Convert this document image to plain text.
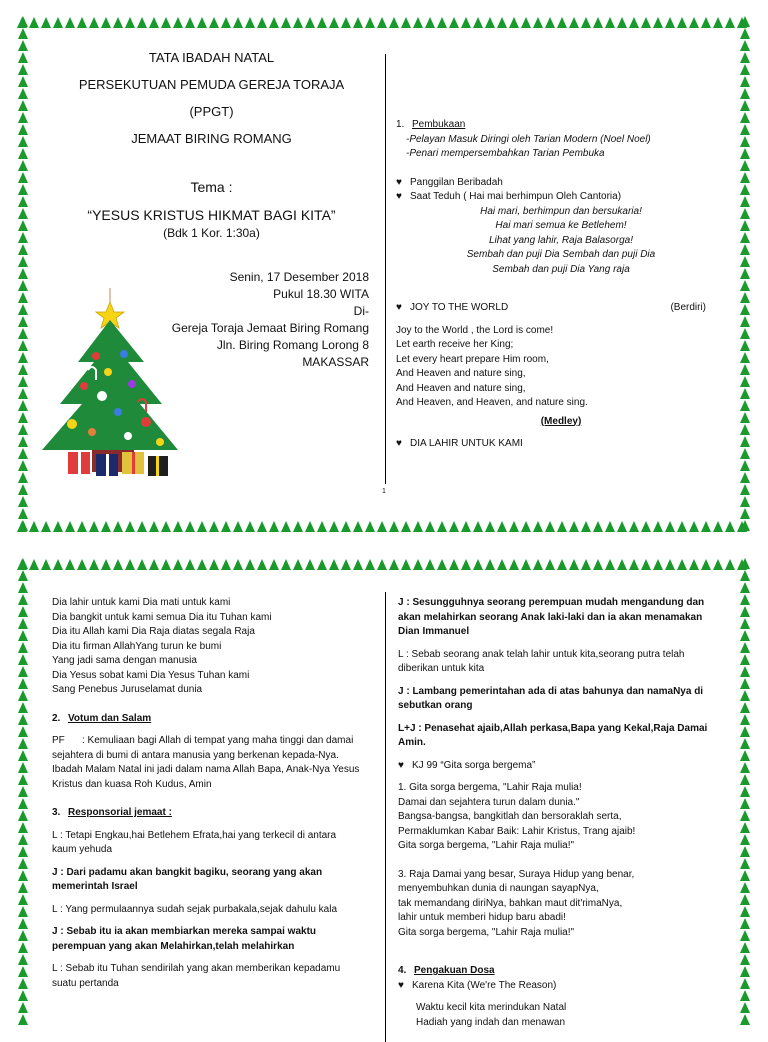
TATA IBADAH NATAL

PERSEKUTUAN PEMUDA GEREJA TORAJA

(PPGT)

JEMAAT BIRING ROMANG

Tema :

“YESUS KRISTUS HIKMAT BAGI KITA”

(Bdk 1 Kor. 1:30a)

Senin, 17 Desember 2018

Pukul 18.30 WITA

Di-

Gereja Toraja Jemaat Biring Romang

Jln. Biring Romang Lorong 8

MAKASSAR

1. Pembukaan

-Pelayan Masuk Diringi oleh Tarian Modern (Noel Noel)

-Penari mempersembahkan Tarian Pembuka

♥ Panggilan Beribadah

♥ Saat Teduh ( Hai mai berhimpun Oleh Cantoria)

Hai mari, berhimpun dan bersukaria!

Hai mari semua ke Betlehem!

Lihat yang lahir, Raja Balasorga!

Sembah dan puji Dia Sembah dan puji Dia

Sembah dan puji Dia Yang raja

♥ JOY TO THE WORLD	(Berdiri)

Joy to the World , the Lord is come!

Let earth receive her King;

Let every heart prepare Him room,

And Heaven and nature sing,

And Heaven and nature sing,

And Heaven, and Heaven, and nature sing.

(Medley)

♥ DIA LAHIR UNTUK KAMI

1

Dia lahir untuk kami Dia mati untuk kami

Dia bangkit untuk kami semua Dia itu Tuhan kami

Dia itu Allah kami Dia Raja diatas segala Raja

Dia itu firman AllahYang turun ke bumi

Yang jadi sama dengan manusia

Dia Yesus sobat kami Dia Yesus Tuhan kami

Sang Penebus Juruselamat dunia

2. Votum dan Salam

PF : Kemuliaan bagi Allah di tempat yang maha tinggi dan damai sejahtera di bumi di antara manusia yang berkenan kepada-Nya. Ibadah Malam Natal ini jadi dalam nama Allah Bapa, Anak-Nya Yesus Kristus dan kuasa Roh Kudus, Amin

3. Responsorial jemaat :

L : Tetapi Engkau,hai Betlehem Efrata,hai yang terkecil di antara kaum yehuda

J : Dari padamu akan bangkit bagiku, seorang yang akan memerintah Israel

L : Yang permulaannya sudah sejak purbakala,sejak dahulu kala

J : Sebab itu ia akan membiarkan mereka sampai waktu perempuan yang akan Melahirkan,telah melahirkan

L : Sebab itu Tuhan sendirilah yang akan memberikan kepadamu suatu pertanda

J : Sesungguhnya seorang perempuan mudah mengandung dan akan melahirkan seorang Anak laki-laki dan ia akan menamakan Dian Immanuel

L : Sebab seorang anak telah lahir untuk kita,seorang putra telah diberikan untuk kita

J : Lambang pemerintahan ada di atas bahunya dan namaNya di sebutkan orang

L+J : Penasehat ajaib,Allah perkasa,Bapa yang Kekal,Raja Damai Amin.

♥ KJ 99 “Gita sorga bergema”

1. Gita sorga bergema, "Lahir Raja mulia!

Damai dan sejahtera turun dalam dunia."

Bangsa-bangsa, bangkitlah dan bersoraklah serta,

Permaklumkan Kabar Baik: Lahir Kristus, Trang ajaib!

Gita sorga bergema, "Lahir Raja mulia!"

3. Raja Damai yang besar, Suraya Hidup yang benar,

menyembuhkan dunia di naungan sayapNya,

tak memandang diriNya, bahkan maut dit'rimaNya,

lahir untuk memberi hidup baru abadi!

Gita sorga bergema, "Lahir Raja mulia!"

4. Pengakuan Dosa

♥ Karena Kita (We're The Reason)

Waktu kecil kita merindukan Natal

Hadiah yang indah dan menawan
